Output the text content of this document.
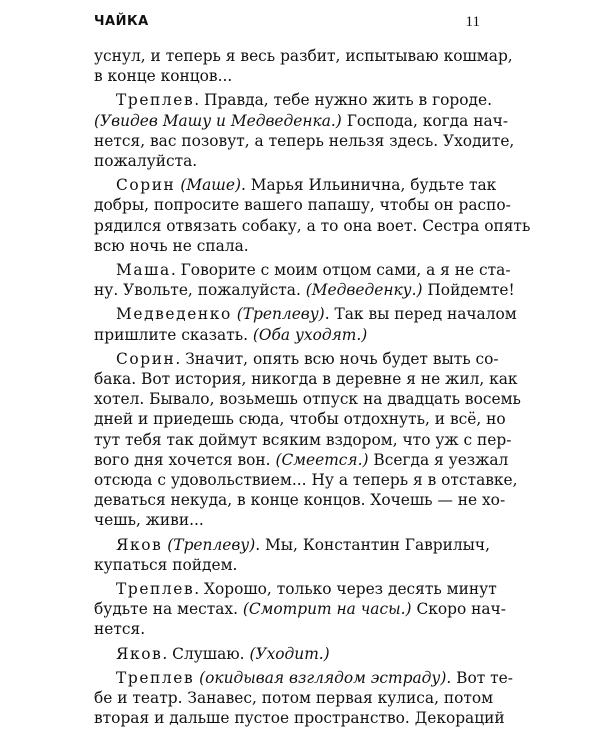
ЧАЙКА	11
уснул, и теперь я весь разбит, испытываю кошмар,
в конце концов...
Треплев. Правда, тебе нужно жить в городе.
(Увидев Машу и Медведенка.) Господа, когда нач-
нется, вас позовут, а теперь нельзя здесь. Уходите,
пожалуйста.
Сорин (Маше). Марья Ильинична, будьте так
добры, попросите вашего папашу, чтобы он распо-
рядился отвязать собаку, а то она воет. Сестра опять
всю ночь не спала.
Маша. Говорите с моим отцом сами, а я не ста-
ну. Увольте, пожалуйста. (Медведенку.) Пойдемте!
Медведенко (Треплеву). Так вы перед началом
пришлите сказать. (Оба уходят.)
Сорин. Значит, опять всю ночь будет выть со-
бака. Вот история, никогда в деревне я не жил, как
хотел. Бывало, возьмешь отпуск на двадцать восемь
дней и приедешь сюда, чтобы отдохнуть, и всё, но
тут тебя так доймут всяким вздором, что уж с пер-
вого дня хочется вон. (Смеется.) Всегда я уезжал
отсюда с удовольствием... Ну а теперь я в отставке,
деваться некуда, в конце концов. Хочешь — не хо-
чешь, живи...
Яков (Треплеву). Мы, Константин Гаврилыч,
купаться пойдем.
Треплев. Хорошо, только через десять минут
будьте на местах. (Смотрит на часы.) Скоро нач-
нется.
Яков. Слушаю. (Уходит.)
Треплев (окидывая взглядом эстраду). Вот те-
бе и театр. Занавес, потом первая кулиса, потом
вторая и дальше пустое пространство. Декораций
